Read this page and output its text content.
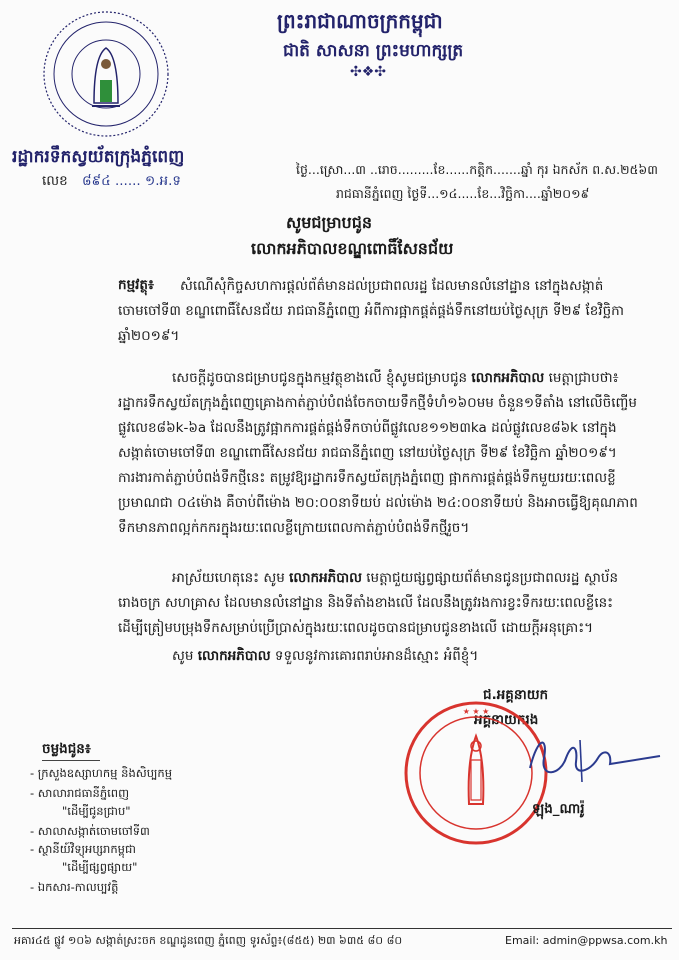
ព្រះរាជាណាចក្រកម្ពុជា
ជាតិ សាសនា ព្រះមហាក្សត្រ
✣❖✣
រដ្ឋាករទឹកស្វយ័តក្រុងភ្នំពេញ
លេខ ៨៩៤ ...... ១.អ.ទ
ថ្ងៃ...ស្រោ...៣ ..រោច.........ខែ......កត្ដិក.......ឆ្នាំ កុរ ឯកស័ក ព.ស.២៥៦៣
រាជធានីភ្នំពេញ ថ្ងៃទី...១៤.....ខែ...វិច្ឆិកា....ឆ្នាំ២០១៩
សូមជម្រាបជូន
លោកអភិបាលខណ្ឌពោធិ៍សែនជ័យ
កម្មវត្ថុ៖	សំណើសុំកិច្ចសហការផ្តល់ព័ត៌មានដល់ប្រជាពលរដ្ឋ ដែលមានលំនៅដ្ឋាន នៅក្នុងសង្កាត់ចោមចៅទី៣ ខណ្ឌពោធិ៍សែនជ័យ រាជធានីភ្នំពេញ អំពីការផ្អាកផ្គត់ផ្គង់ទឹកនៅយប់ថ្ងៃសុក្រ ទី២៩ ខែវិច្ឆិកា ឆ្នាំ២០១៩។
សេចក្តីដូចបានជម្រាបជូនក្នុងកម្មវត្ថុខាងលើ ខ្ញុំសូមជម្រាបជូន លោកអភិបាល មេត្តាជ្រាបថា៖ រដ្ឋាករទឹកស្វយ័តក្រុងភ្នំពេញគ្រោងកាត់ភ្ជាប់បំពង់ចែកចាយទឹកថ្មីទំហំ១៦០មម ចំនួន១ទីតាំង នៅលើចិញ្ចើមផ្លូវលេខ៨៦k-៦a ដែលនឹងត្រូវផ្អាកការផ្គត់ផ្គង់ទឹកចាប់ពីផ្លូវលេខ១១២៣ka ដល់ផ្លូវលេខ៨៦k នៅក្នុងសង្កាត់ចោមចៅទី៣ ខណ្ឌពោធិ៍សែនជ័យ រាជធានីភ្នំពេញ នៅយប់ថ្ងៃសុក្រ ទី២៩ ខែវិច្ឆិកា ឆ្នាំ២០១៩។ ការងារកាត់ភ្ជាប់បំពង់ទឹកថ្មីនេះ តម្រូវឱ្យរដ្ឋាករទឹកស្វយ័តក្រុងភ្នំពេញ ផ្អាកការផ្គត់ផ្គង់ទឹកមួយរយៈពេលខ្លីប្រមាណជា ០៤ម៉ោង គឺចាប់ពីម៉ោង ២០:០០នាទីយប់ ដល់ម៉ោង ២៤:០០នាទីយប់ និងអាចធ្វើឱ្យគុណភាពទឹកមានភាពល្អក់កករក្នុងរយៈពេលខ្លីក្រោយពេលកាត់ភ្ជាប់បំពង់ទឹកថ្មីរួច។
អាស្រ័យហេតុនេះ សូម លោកអភិបាល មេត្តាជួយផ្សព្វផ្សាយព័ត៌មានជូនប្រជាពលរដ្ឋ ស្ថាប័ន រោងចក្រ សហគ្រាស ដែលមានលំនៅដ្ឋាន និងទីតាំងខាងលើ ដែលនឹងត្រូវរងការខ្វះទឹករយៈពេលខ្លីនេះ ដើម្បីត្រៀមបម្រុងទឹកសម្រាប់ប្រើប្រាស់ក្នុងរយៈពេលដូចបានជម្រាបជូនខាងលើ ដោយក្តីអនុគ្រោះ។
សូម លោកអភិបាល ទទួលនូវការគោរពរាប់អានដ៏ស្មោះ អំពីខ្ញុំ។
ជ.អគ្គនាយក
អគ្គនាយករង
★ ★ ★
ឡុង_ណារ៉ូ
ចម្លងជូន៖
- ក្រសួងឧស្សាហកម្ម និងសិប្បកម្ម
- សាលារាជធានីភ្នំពេញ
"ដើម្បីជូនជ្រាប"
- សាលាសង្កាត់ចោមចៅទី៣
- ស្ថានីយ៍វិទ្យុអប្សរាកម្ពុជា
"ដើម្បីផ្សព្វផ្សាយ"
- ឯកសារ-កាលប្បវត្តិ
អគារ៤៥ ផ្លូវ ១០៦ សង្កាត់ស្រះចក ខណ្ឌដូនពេញ ភ្នំពេញ ទូរស័ព្ទ៖(៨៥៥) ២៣ ៦៣៥ ៨០ ៨០	Email: admin@ppwsa.com.kh
